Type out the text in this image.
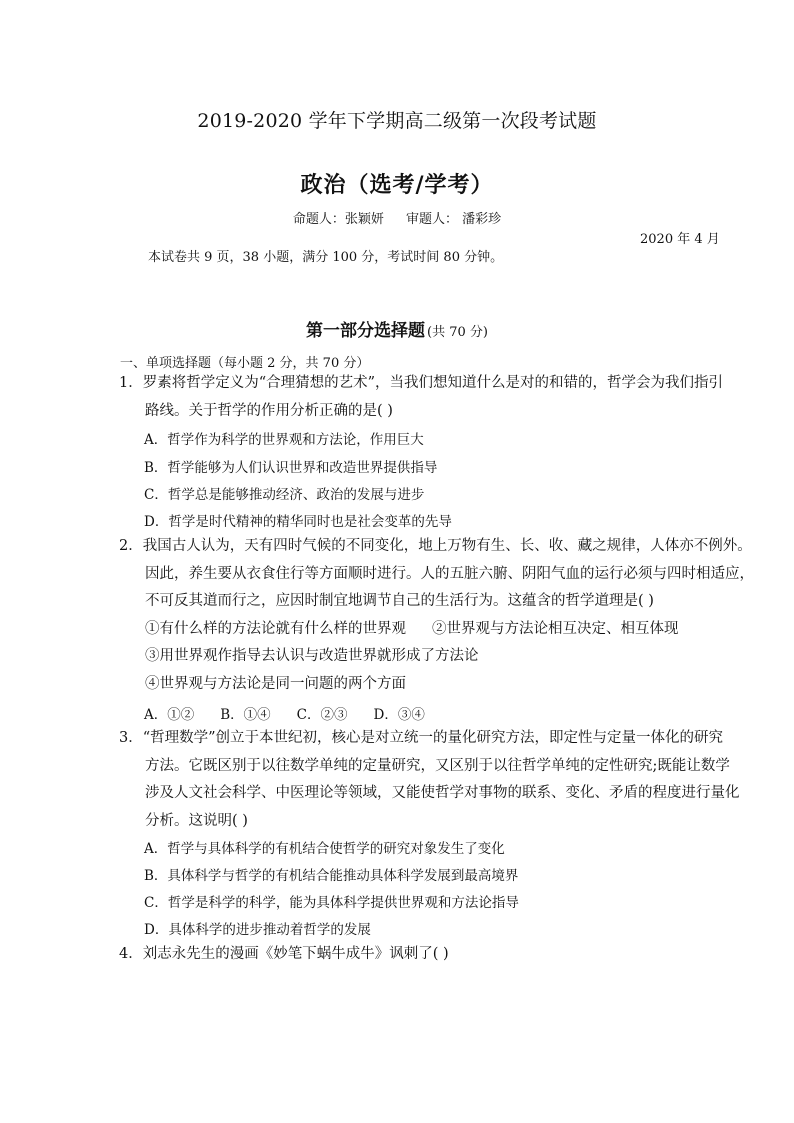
2019-2020 学年下学期高二级第一次段考试题
政治（选考/学考）
命题人：张颖妍 审题人： 潘彩珍
2020 年 4 月
本试卷共 9 页，38 小题，满分 100 分，考试时间 80 分钟。
第一部分选择题 (共 70 分)
一、单项选择题（每小题 2 分，共 70 分）
1．罗素将哲学定义为“合理猜想的艺术”，当我们想知道什么是对的和错的，哲学会为我们指引
路线。关于哲学的作用分析正确的是( )
A．哲学作为科学的世界观和方法论，作用巨大
B．哲学能够为人们认识世界和改造世界提供指导
C．哲学总是能够推动经济、政治的发展与进步
D．哲学是时代精神的精华同时也是社会变革的先导
2．我国古人认为，天有四时气候的不同变化，地上万物有生、长、收、藏之规律，人体亦不例外。
因此，养生要从衣食住行等方面顺时进行。人的五脏六腑、阴阳气血的运行必须与四时相适应，
不可反其道而行之，应因时制宜地调节自己的生活行为。这蕴含的哲学道理是( )
①有什么样的方法论就有什么样的世界观 ②世界观与方法论相互决定、相互体现
③用世界观作指导去认识与改造世界就形成了方法论
④世界观与方法论是同一问题的两个方面
A．①② B．①④ C．②③ D．③④
3．“哲理数学”创立于本世纪初，核心是对立统一的量化研究方法，即定性与定量一体化的研究
方法。它既区别于以往数学单纯的定量研究，又区别于以往哲学单纯的定性研究;既能让数学
涉及人文社会科学、中医理论等领域，又能使哲学对事物的联系、变化、矛盾的程度进行量化
分析。这说明( )
A．哲学与具体科学的有机结合使哲学的研究对象发生了变化
B．具体科学与哲学的有机结合能推动具体科学发展到最高境界
C．哲学是科学的科学，能为具体科学提供世界观和方法论指导
D．具体科学的进步推动着哲学的发展
4．刘志永先生的漫画《妙笔下蜗牛成牛》讽刺了( )
